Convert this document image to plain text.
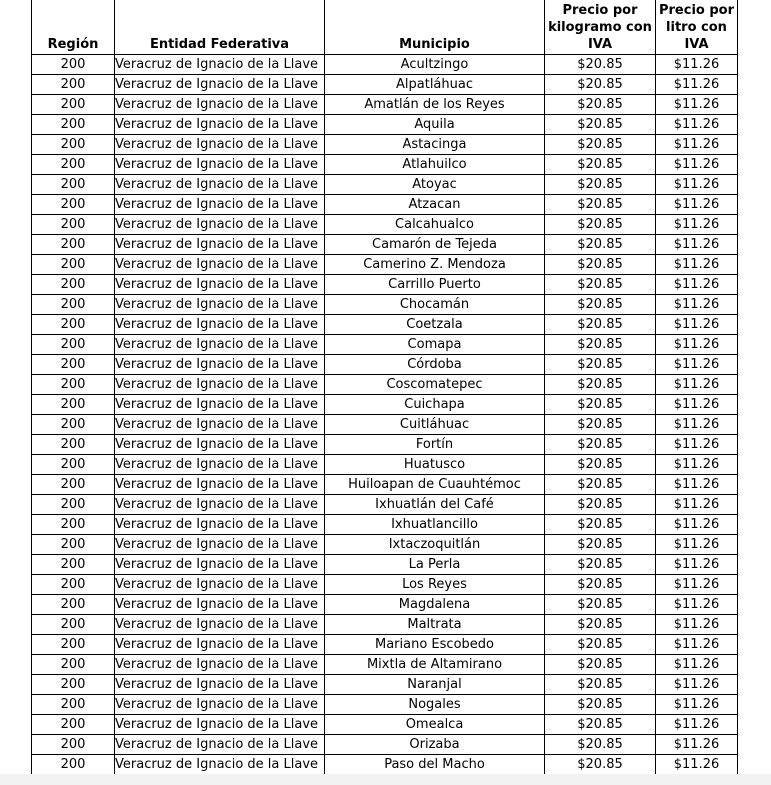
Región	Entidad Federativa	Municipio	Precio por kilogramo con IVA	Precio por litro con IVA
200	Veracruz de Ignacio de la Llave	Acultzingo	$20.85	$11.26
200	Veracruz de Ignacio de la Llave	Alpatláhuac	$20.85	$11.26
200	Veracruz de Ignacio de la Llave	Amatlán de los Reyes	$20.85	$11.26
200	Veracruz de Ignacio de la Llave	Aquila	$20.85	$11.26
200	Veracruz de Ignacio de la Llave	Astacinga	$20.85	$11.26
200	Veracruz de Ignacio de la Llave	Atlahuilco	$20.85	$11.26
200	Veracruz de Ignacio de la Llave	Atoyac	$20.85	$11.26
200	Veracruz de Ignacio de la Llave	Atzacan	$20.85	$11.26
200	Veracruz de Ignacio de la Llave	Calcahualco	$20.85	$11.26
200	Veracruz de Ignacio de la Llave	Camarón de Tejeda	$20.85	$11.26
200	Veracruz de Ignacio de la Llave	Camerino Z. Mendoza	$20.85	$11.26
200	Veracruz de Ignacio de la Llave	Carrillo Puerto	$20.85	$11.26
200	Veracruz de Ignacio de la Llave	Chocamán	$20.85	$11.26
200	Veracruz de Ignacio de la Llave	Coetzala	$20.85	$11.26
200	Veracruz de Ignacio de la Llave	Comapa	$20.85	$11.26
200	Veracruz de Ignacio de la Llave	Córdoba	$20.85	$11.26
200	Veracruz de Ignacio de la Llave	Coscomatepec	$20.85	$11.26
200	Veracruz de Ignacio de la Llave	Cuichapa	$20.85	$11.26
200	Veracruz de Ignacio de la Llave	Cuitláhuac	$20.85	$11.26
200	Veracruz de Ignacio de la Llave	Fortín	$20.85	$11.26
200	Veracruz de Ignacio de la Llave	Huatusco	$20.85	$11.26
200	Veracruz de Ignacio de la Llave	Huiloapan de Cuauhtémoc	$20.85	$11.26
200	Veracruz de Ignacio de la Llave	Ixhuatlán del Café	$20.85	$11.26
200	Veracruz de Ignacio de la Llave	Ixhuatlancillo	$20.85	$11.26
200	Veracruz de Ignacio de la Llave	Ixtaczoquitlán	$20.85	$11.26
200	Veracruz de Ignacio de la Llave	La Perla	$20.85	$11.26
200	Veracruz de Ignacio de la Llave	Los Reyes	$20.85	$11.26
200	Veracruz de Ignacio de la Llave	Magdalena	$20.85	$11.26
200	Veracruz de Ignacio de la Llave	Maltrata	$20.85	$11.26
200	Veracruz de Ignacio de la Llave	Mariano Escobedo	$20.85	$11.26
200	Veracruz de Ignacio de la Llave	Mixtla de Altamirano	$20.85	$11.26
200	Veracruz de Ignacio de la Llave	Naranjal	$20.85	$11.26
200	Veracruz de Ignacio de la Llave	Nogales	$20.85	$11.26
200	Veracruz de Ignacio de la Llave	Omealca	$20.85	$11.26
200	Veracruz de Ignacio de la Llave	Orizaba	$20.85	$11.26
200	Veracruz de Ignacio de la Llave	Paso del Macho	$20.85	$11.26
